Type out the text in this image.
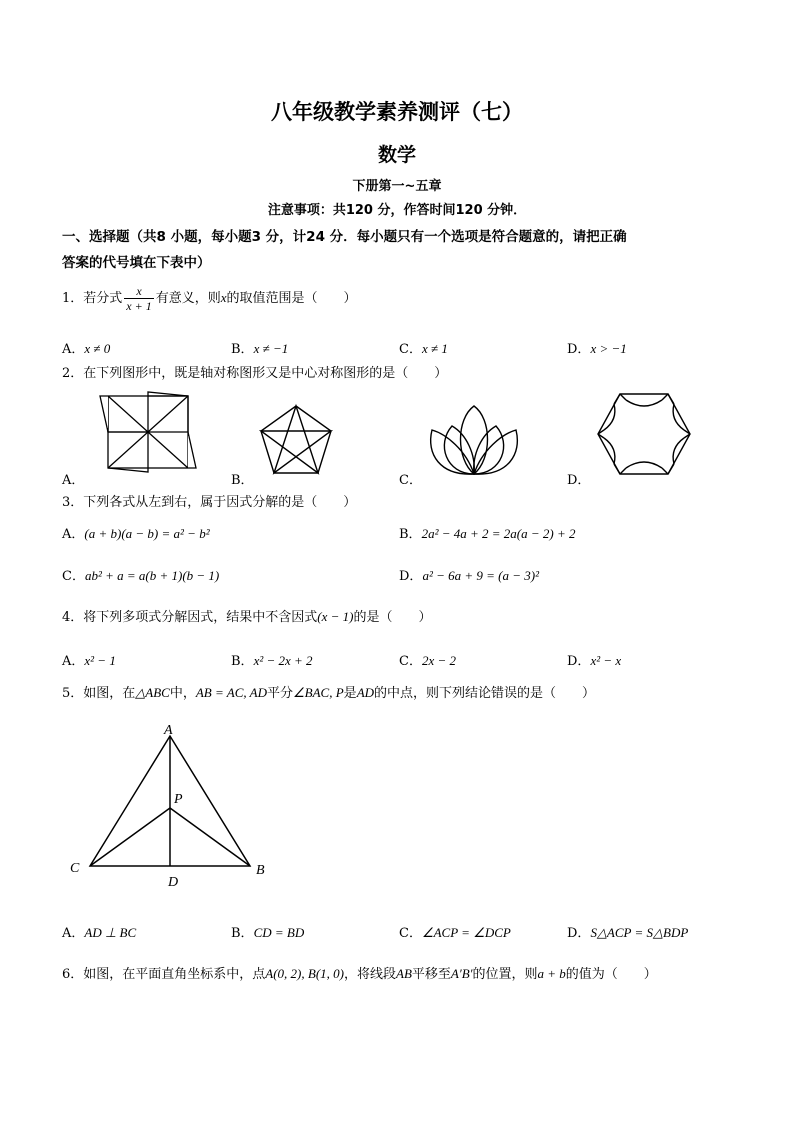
八年级教学素养测评（七）
数学
下册第一~五章
注意事项：共120 分，作答时间120 分钟．
一、选择题（共8 小题，每小题3 分，计24 分．每小题只有一个选项是符合题意的，请把正确
答案的代号填在下表中）
1．若分式 $\frac{x}{x + 1}$ 有意义，则x的取值范围是（　　）
A．x ≠ 0	B．x ≠ −1	C．x ≠ 1	D．x > −1
2．在下列图形中，既是轴对称图形又是中心对称图形的是（　　）
A．	B．	C．	D．
3．下列各式从左到右，属于因式分解的是（　　）
A．(a + b)(a − b) = a² − b²	B．2a² − 4a + 2 = 2a(a − 2) + 2
C．ab² + a = a(b + 1)(b − 1)	D．a² − 6a + 9 = (a − 3)²
4．将下列多项式分解因式，结果中不含因式(x − 1)的是（　　）
A．x² − 1	B．x² − 2x + 2	C．2x − 2	D．x² − x
5．如图，在△ABC中，AB = AC, AD平分∠BAC, P是AD的中点，则下列结论错误的是（　　）
A
P
C	B
D
A．AD ⊥ BC	B．CD = BD	C．∠ACP = ∠DCP	D．S△ACP = S△BDP
6．如图，在平面直角坐标系中，点A(0, 2), B(1, 0)，将线段AB平移至A′B′的位置，则a + b的值为（　　）
